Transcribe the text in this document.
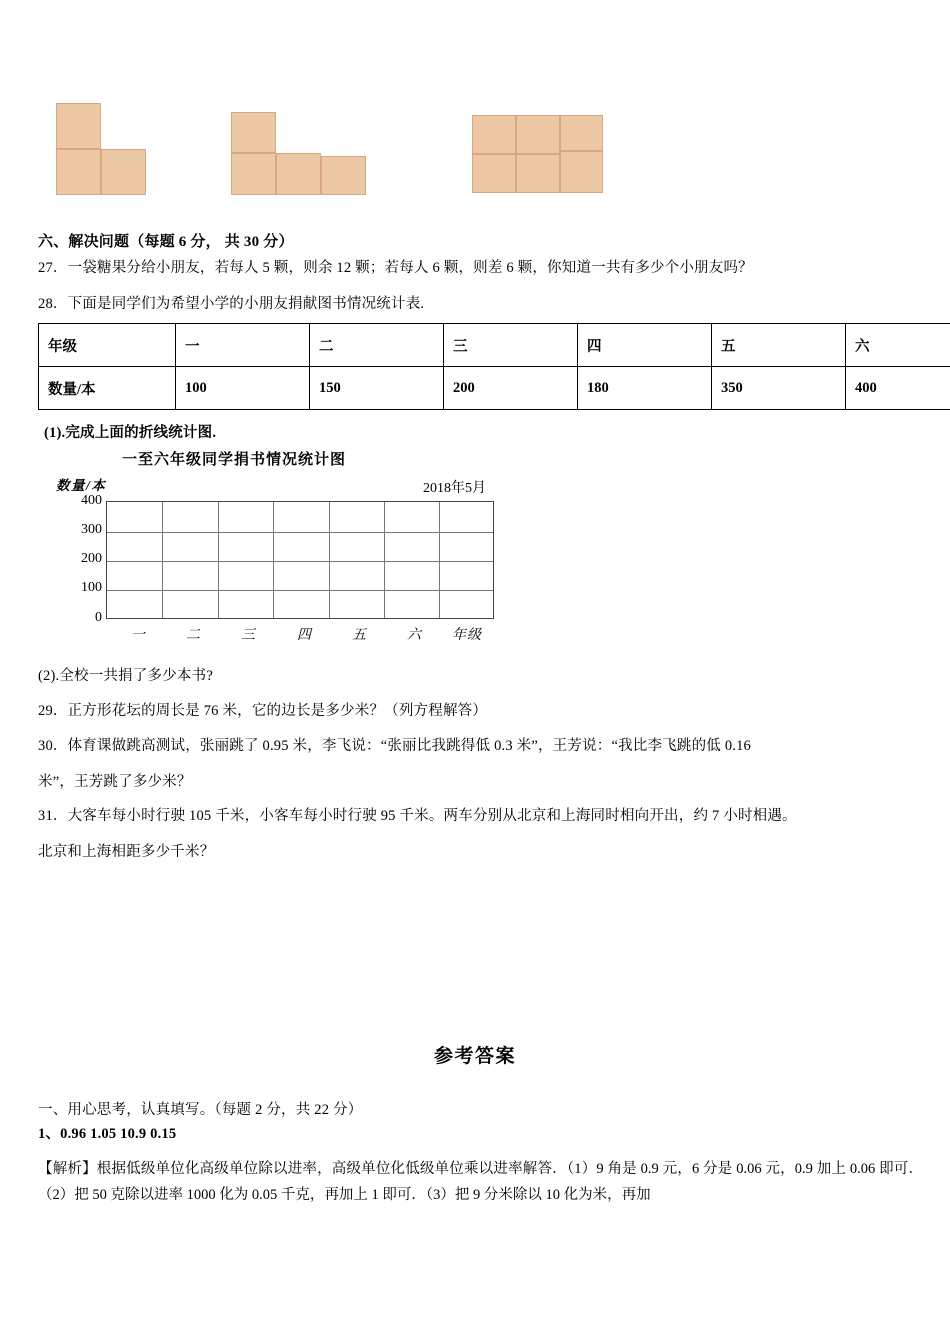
六、解决问题（每题 6 分， 共 30 分）
27．一袋糖果分给小朋友，若每人 5 颗，则余 12 颗；若每人 6 颗，则差 6 颗，你知道一共有多少个小朋友吗？
28．下面是同学们为希望小学的小朋友捐献图书情况统计表.
年级	一	二	三	四	五	六
数量/本	100	150	200	180	350	400
(1).完成上面的折线统计图.
一至六年级同学捐书情况统计图
数量/本	2018年5月
400
300
200
100
0
一	二	三	四	五	六 年级
(2).全校一共捐了多少本书?
29．正方形花坛的周长是 76 米，它的边长是多少米？（列方程解答）
30．体育课做跳高测试，张丽跳了 0.95 米，李飞说：“张丽比我跳得低 0.3 米”，王芳说：“我比李飞跳的低 0.16
米”，王芳跳了多少米？
31．大客车每小时行驶 105 千米，小客车每小时行驶 95 千米。两车分别从北京和上海同时相向开出，约 7 小时相遇。
北京和上海相距多少千米？
参考答案
一、用心思考，认真填写。（每题 2 分，共 22 分）
1、0.96 1.05 10.9 0.15
【解析】根据低级单位化高级单位除以进率，高级单位化低级单位乘以进率解答．（1）9 角是 0.9 元，6 分是 0.06 元，0.9 加上 0.06 即可．（2）把 50 克除以进率 1000 化为 0.05 千克，再加上 1 即可．（3）把 9 分米除以 10 化为米，再加
